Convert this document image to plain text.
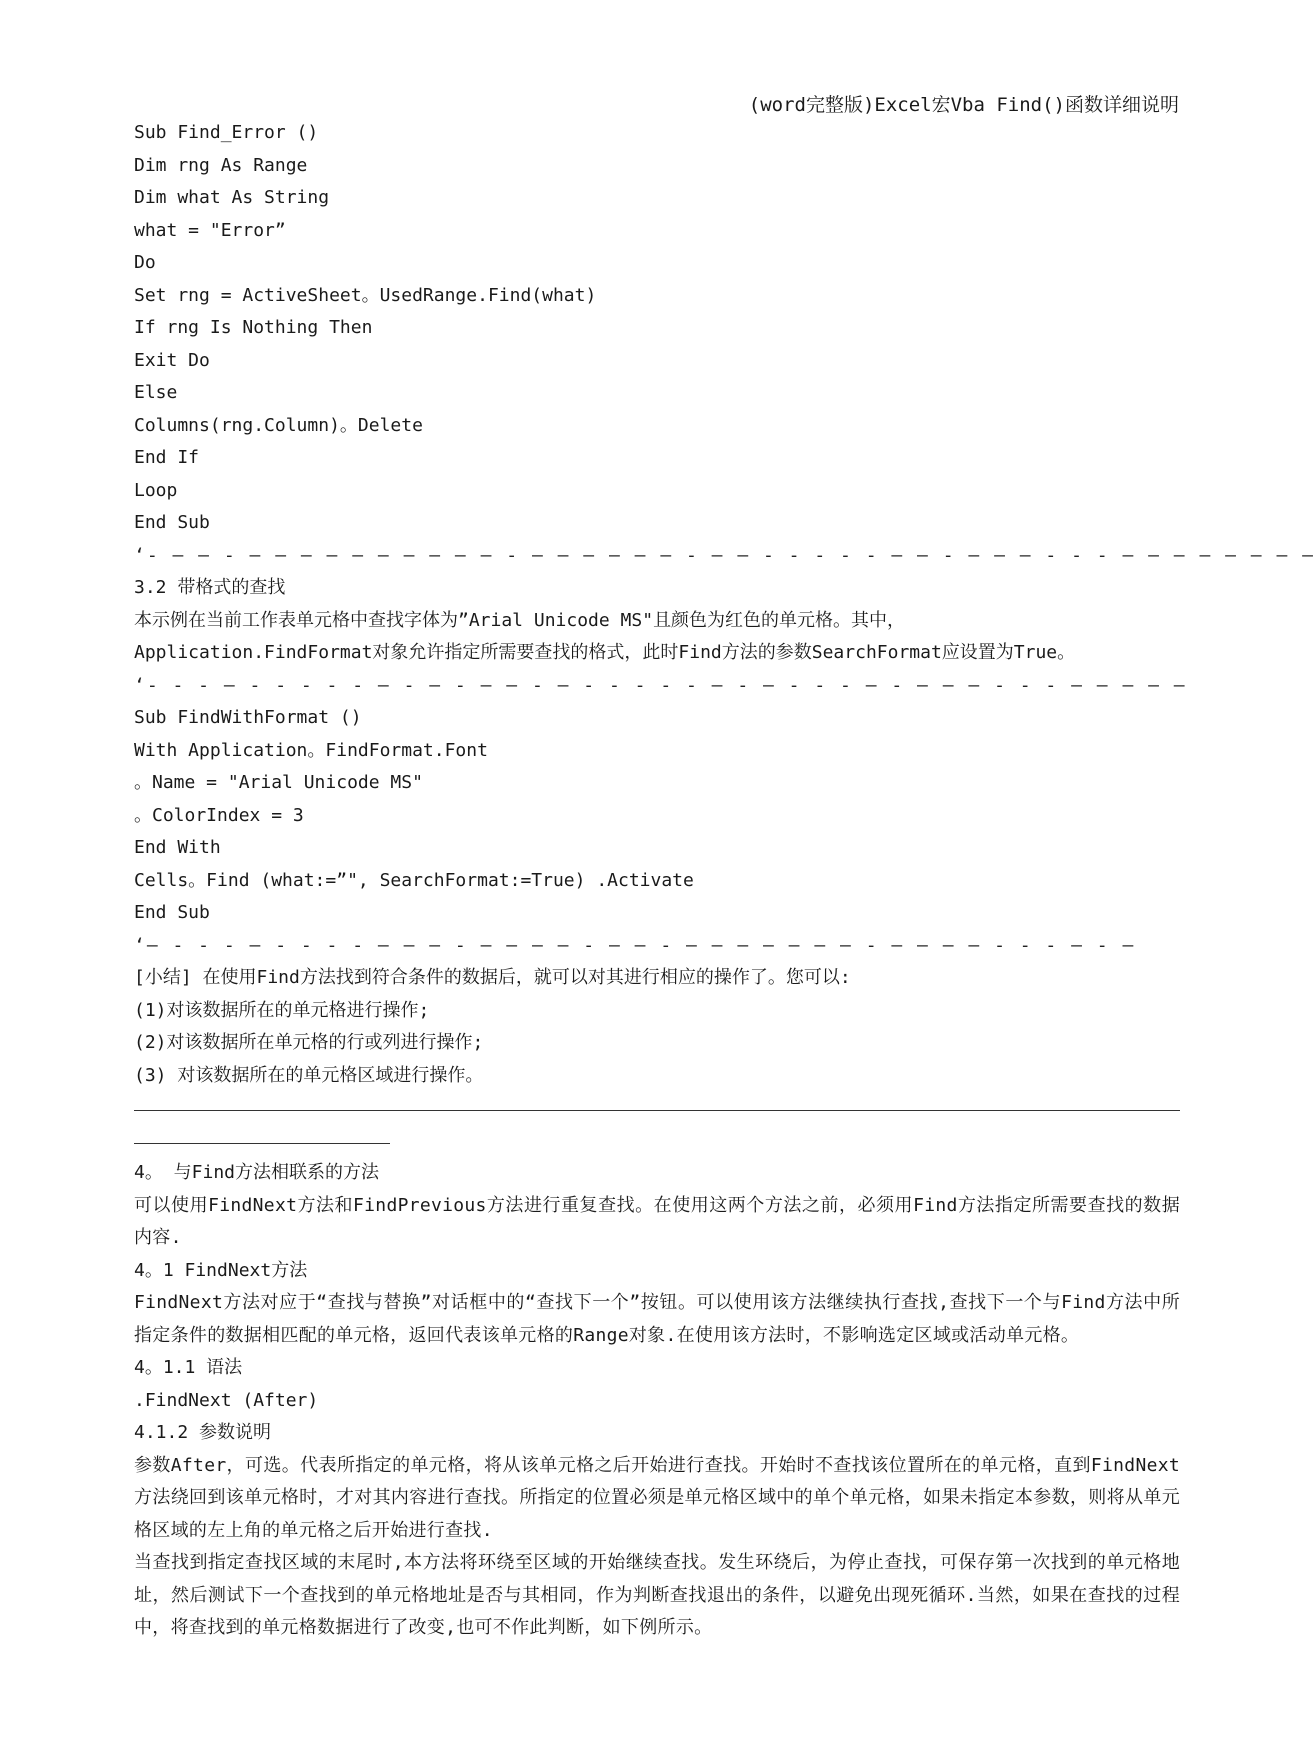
(word完整版)Excel宏Vba Find()函数详细说明
Sub Find_Error ()
Dim rng As Range
Dim what As String
what = "Error”
Do
Set rng = ActiveSheet。UsedRange.Find(what)
If rng Is Nothing Then
Exit Do
Else
Columns(rng.Column)。Delete
End If
Loop
End Sub
‘- — — - — — — — — — — — — — - — — — — — — - — — - - - - - — — - — — — - - - — — — — — — — —
3.2 带格式的查找
本示例在当前工作表单元格中查找字体为”Arial Unicode MS"且颜色为红色的单元格。其中，
Application.FindFormat对象允许指定所需要查找的格式，此时Find方法的参数SearchFormat应设置为True。
‘- - - — - - - - - — - — - — — - — - - - - - — - — - - - — - — — — - - - — — — — —
Sub FindWithFormat ()
With Application。FindFormat.Font
。Name = "Arial Unicode MS"
。ColorIndex = 3
End With
Cells。Find (what:=”", SearchFormat:=True) .Activate
End Sub
‘— - - - — - - - - — — — - — — — — - — — - — — — — — — — - — — — — - - - — - —
[小结] 在使用Find方法找到符合条件的数据后，就可以对其进行相应的操作了。您可以:
(1)对该数据所在的单元格进行操作;
(2)对该数据所在单元格的行或列进行操作;
(3) 对该数据所在的单元格区域进行操作。
4。 与Find方法相联系的方法
可以使用FindNext方法和FindPrevious方法进行重复查找。在使用这两个方法之前，必须用Find方法指定所需要查找的数据内容.
4。1 FindNext方法
FindNext方法对应于“查找与替换”对话框中的“查找下一个”按钮。可以使用该方法继续执行查找,查找下一个与Find方法中所指定条件的数据相匹配的单元格，返回代表该单元格的Range对象.在使用该方法时，不影响选定区域或活动单元格。
4。1.1 语法
.FindNext (After)
4.1.2 参数说明
参数After，可选。代表所指定的单元格，将从该单元格之后开始进行查找。开始时不查找该位置所在的单元格，直到FindNext方法绕回到该单元格时，才对其内容进行查找。所指定的位置必须是单元格区域中的单个单元格，如果未指定本参数，则将从单元格区域的左上角的单元格之后开始进行查找.
当查找到指定查找区域的末尾时,本方法将环绕至区域的开始继续查找。发生环绕后，为停止查找，可保存第一次找到的单元格地址，然后测试下一个查找到的单元格地址是否与其相同，作为判断查找退出的条件，以避免出现死循环.当然，如果在查找的过程中，将查找到的单元格数据进行了改变,也可不作此判断，如下例所示。
